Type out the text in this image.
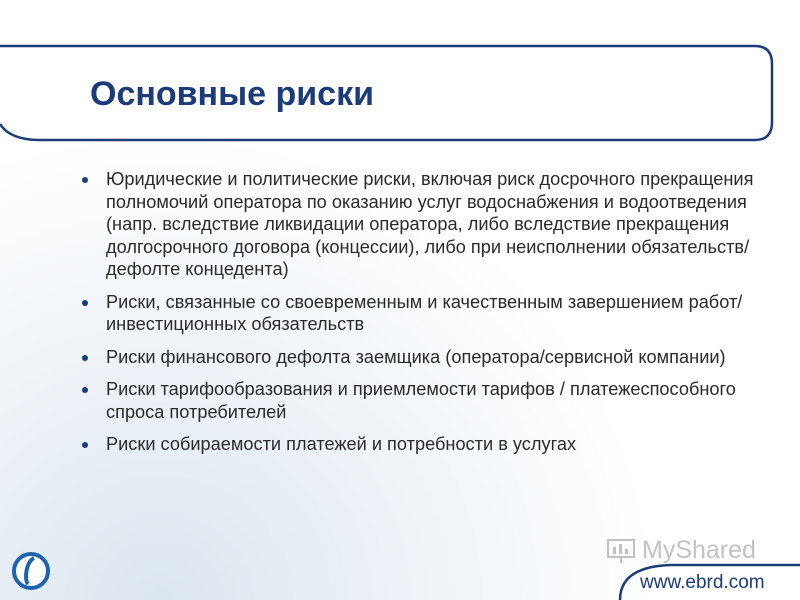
Основные риски
Юридические и политические риски, включая риск досрочного прекращения полномочий оператора по оказанию услуг водоснабжения и водоотведения (напр. вследствие ликвидации оператора, либо вследствие прекращения долгосрочного договора (концессии), либо при неисполнении обязательств/дефолте концедента)
Риски, связанные со своевременным и качественным завершением работ/ инвестиционных обязательств
Риски финансового дефолта заемщика (оператора/сервисной компании)
Риски тарифообразования и приемлемости тарифов / платежеспособного спроса потребителей
Риски собираемости платежей и потребности в услугах
MyShared
www.ebrd.com
